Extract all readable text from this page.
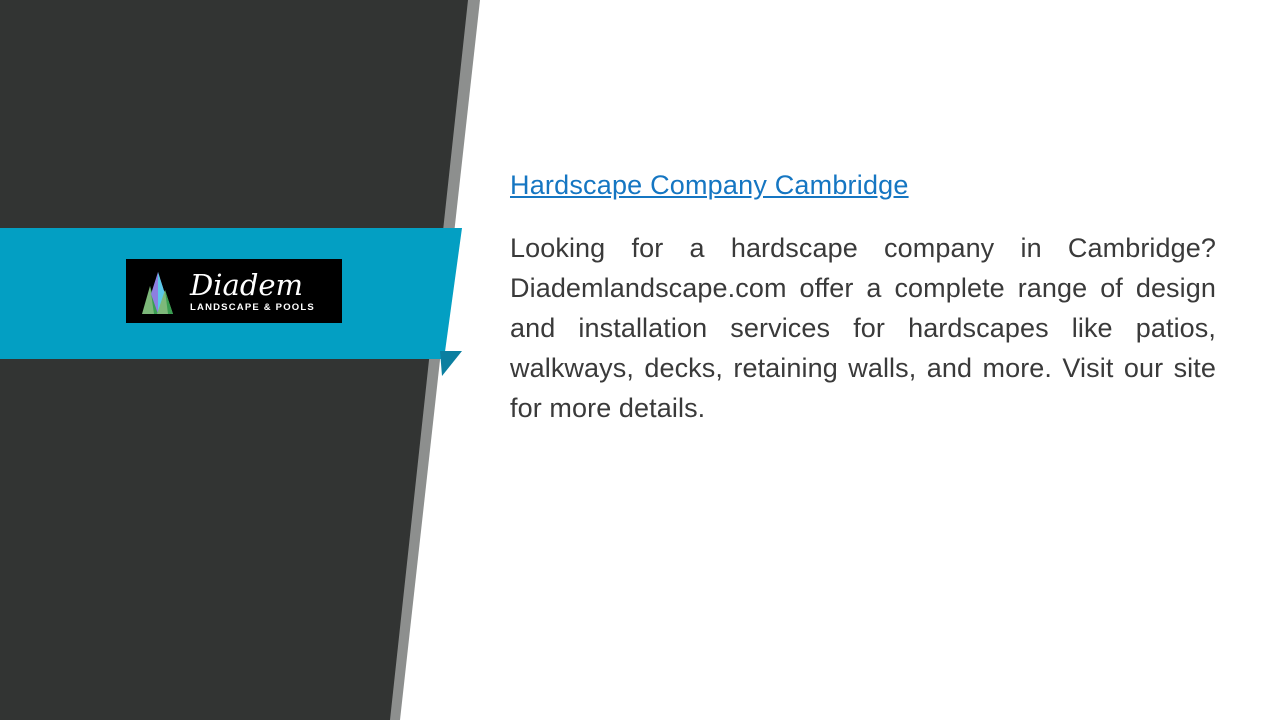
Diadem
LANDSCAPE & POOLS
Hardscape Company Cambridge

Looking for a hardscape company in Cambridge? Diademlandscape.com offer a complete range of design and installation services for hardscapes like patios, walkways, decks, retaining walls, and more. Visit our site for more details.
